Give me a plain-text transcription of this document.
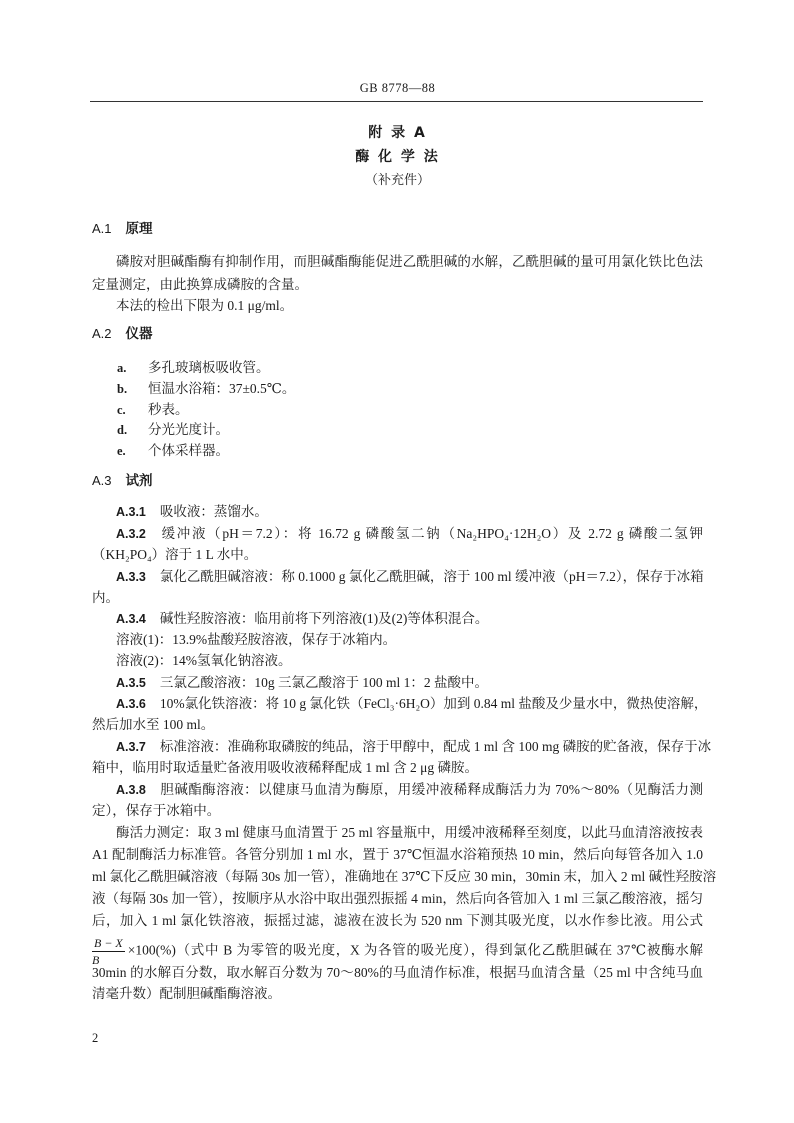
GB 8778—88
附 录 A
酶 化 学 法
（补充件）
A.1 原理
磷胺对胆碱酯酶有抑制作用，而胆碱酯酶能促进乙酰胆碱的水解，乙酰胆碱的量可用氯化铁比色法
定量测定，由此换算成磷胺的含量。
本法的检出下限为 0.1 μg/ml。
A.2 仪器
a. 多孔玻璃板吸收管。
b. 恒温水浴箱：37±0.5℃。
c. 秒表。
d. 分光光度计。
e. 个体采样器。
A.3 试剂
A.3.1 吸收液：蒸馏水。
A.3.2 缓冲液（pH＝7.2）：将 16.72 g 磷酸氢二钠（Na₂HPO₄·12H₂O）及 2.72 g 磷酸二氢钾
（KH₂PO₄）溶于 1 L 水中。
A.3.3 氯化乙酰胆碱溶液：称 0.1000 g 氯化乙酰胆碱，溶于 100 ml 缓冲液（pH＝7.2），保存于冰箱
内。
A.3.4 碱性羟胺溶液：临用前将下列溶液(1)及(2)等体积混合。
溶液(1)：13.9%盐酸羟胺溶液，保存于冰箱内。
溶液(2)：14%氢氧化钠溶液。
A.3.5 三氯乙酸溶液：10g 三氯乙酸溶于 100 ml 1：2 盐酸中。
A.3.6 10%氯化铁溶液：将 10 g 氯化铁（FeCl₃·6H₂O）加到 0.84 ml 盐酸及少量水中，微热使溶解，
然后加水至 100 ml。
A.3.7 标准溶液：准确称取磷胺的纯品，溶于甲醇中，配成 1 ml 含 100 mg 磷胺的贮备液，保存于冰
箱中，临用时取适量贮备液用吸收液稀释配成 1 ml 含 2 μg 磷胺。
A.3.8 胆碱酯酶溶液：以健康马血清为酶原，用缓冲液稀释成酶活力为 70%～80%（见酶活力测
定），保存于冰箱中。
酶活力测定：取 3 ml 健康马血清置于 25 ml 容量瓶中，用缓冲液稀释至刻度，以此马血清溶液按表
A1 配制酶活力标准管。各管分别加 1 ml 水，置于 37℃恒温水浴箱预热 10 min，然后向每管各加入 1.0
ml 氯化乙酰胆碱溶液（每隔 30s 加一管），准确地在 37℃下反应 30 min，30min 末，加入 2 ml 碱性羟胺溶
液（每隔 30s 加一管），按顺序从水浴中取出强烈振摇 4 min，然后向各管加入 1 ml 三氯乙酸溶液，摇匀
后，加入 1 ml 氯化铁溶液，振摇过滤，滤液在波长为 520 nm 下测其吸光度，以水作参比液。用公式
$\frac{B - X}{B} \times 100(\%)$（式中 B 为零管的吸光度，X 为各管的吸光度），得到氯化乙酰胆碱在 37℃被酶水解
30min 的水解百分数，取水解百分数为 70～80%的马血清作标准，根据马血清含量（25 ml 中含纯马血
清毫升数）配制胆碱酯酶溶液。
2
